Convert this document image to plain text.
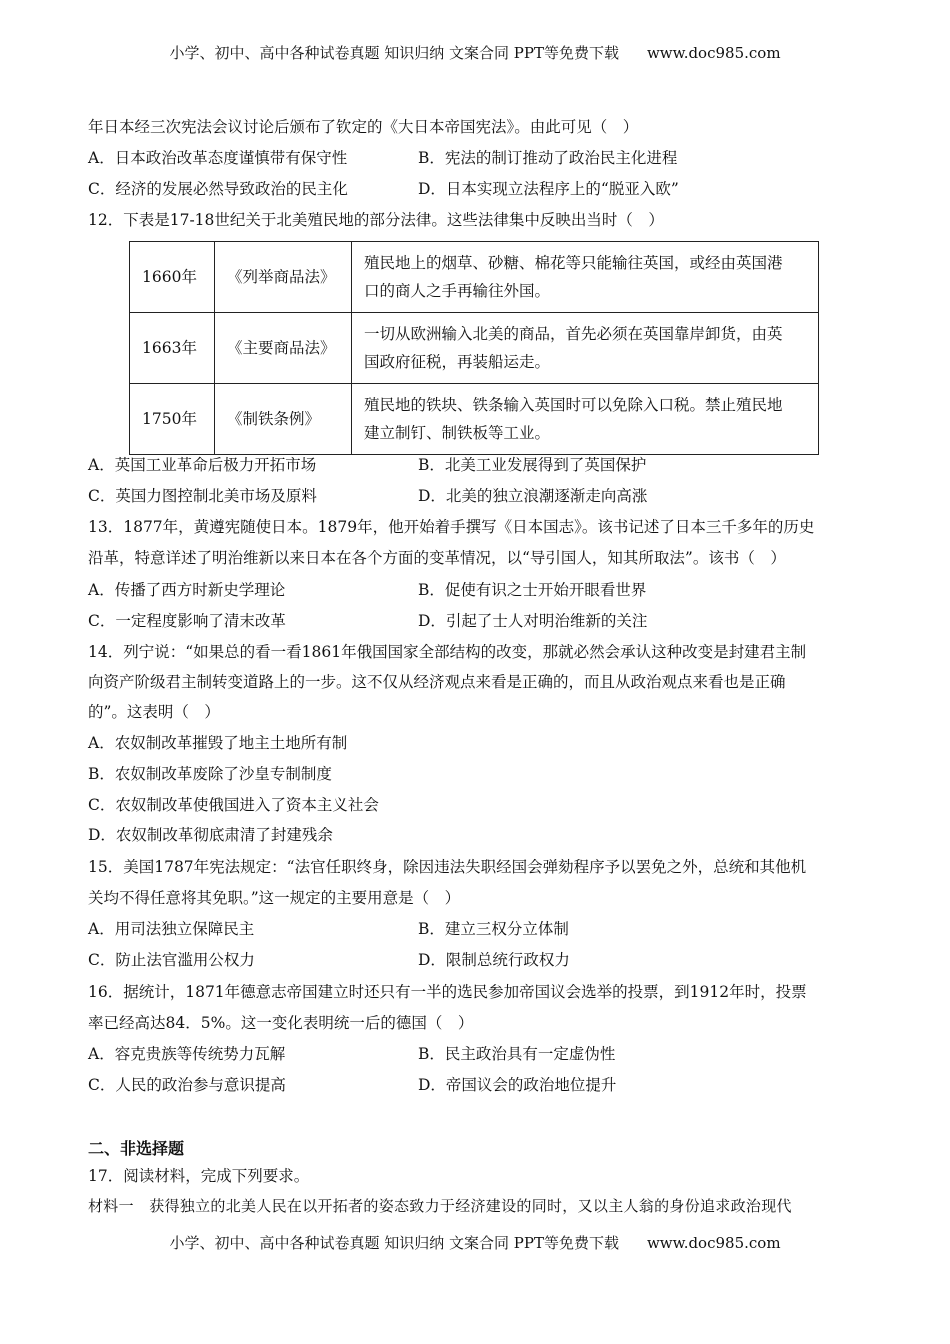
小学、初中、高中各种试卷真题 知识归纳 文案合同 PPT等免费下载 www.doc985.com
年日本经三次宪法会议讨论后颁布了钦定的《大日本帝国宪法》。由此可见（　）
A．日本政治改革态度谨慎带有保守性	B．宪法的制订推动了政治民主化进程
C．经济的发展必然导致政治的民主化	D．日本实现立法程序上的“脱亚入欧”
12．下表是17-18世纪关于北美殖民地的部分法律。这些法律集中反映出当时（　）
1660年	《列举商品法》	殖民地上的烟草、砂糖、棉花等只能输往英国，或经由英国港
口的商人之手再输往外国。
1663年	《主要商品法》	一切从欧洲输入北美的商品，首先必须在英国靠岸卸货，由英
国政府征税，再装船运走。
1750年	《制铁条例》	殖民地的铁块、铁条输入英国时可以免除入口税。禁止殖民地
建立制钉、制铁板等工业。
A．英国工业革命后极力开拓市场	B．北美工业发展得到了英国保护
C．英国力图控制北美市场及原料	D．北美的独立浪潮逐渐走向高涨
13．1877年，黄遵宪随使日本。1879年，他开始着手撰写《日本国志》。该书记述了日本三千多年的历史
沿革，特意详述了明治维新以来日本在各个方面的变革情况，以“导引国人，知其所取法”。该书（　）
A．传播了西方时新史学理论	B．促使有识之士开始开眼看世界
C．一定程度影响了清末改革	D．引起了士人对明治维新的关注
14．列宁说：“如果总的看一看1861年俄国国家全部结构的改变，那就必然会承认这种改变是封建君主制
向资产阶级君主制转变道路上的一步。这不仅从经济观点来看是正确的，而且从政治观点来看也是正确
的”。这表明（　）
A．农奴制改革摧毁了地主土地所有制
B．农奴制改革废除了沙皇专制制度
C．农奴制改革使俄国进入了资本主义社会
D．农奴制改革彻底肃清了封建残余
15．美国1787年宪法规定：“法官任职终身，除因违法失职经国会弹劾程序予以罢免之外，总统和其他机
关均不得任意将其免职。”这一规定的主要用意是（　）
A．用司法独立保障民主	B．建立三权分立体制
C．防止法官滥用公权力	D．限制总统行政权力
16．据统计，1871年德意志帝国建立时还只有一半的选民参加帝国议会选举的投票，到1912年时，投票
率已经高达84．5%。这一变化表明统一后的德国（　）
A．容克贵族等传统势力瓦解	B．民主政治具有一定虚伪性
C．人民的政治参与意识提高	D．帝国议会的政治地位提升
二、非选择题
17．阅读材料，完成下列要求。
材料一　获得独立的北美人民在以开拓者的姿态致力于经济建设的同时，又以主人翁的身份追求政治现代
小学、初中、高中各种试卷真题 知识归纳 文案合同 PPT等免费下载 www.doc985.com
